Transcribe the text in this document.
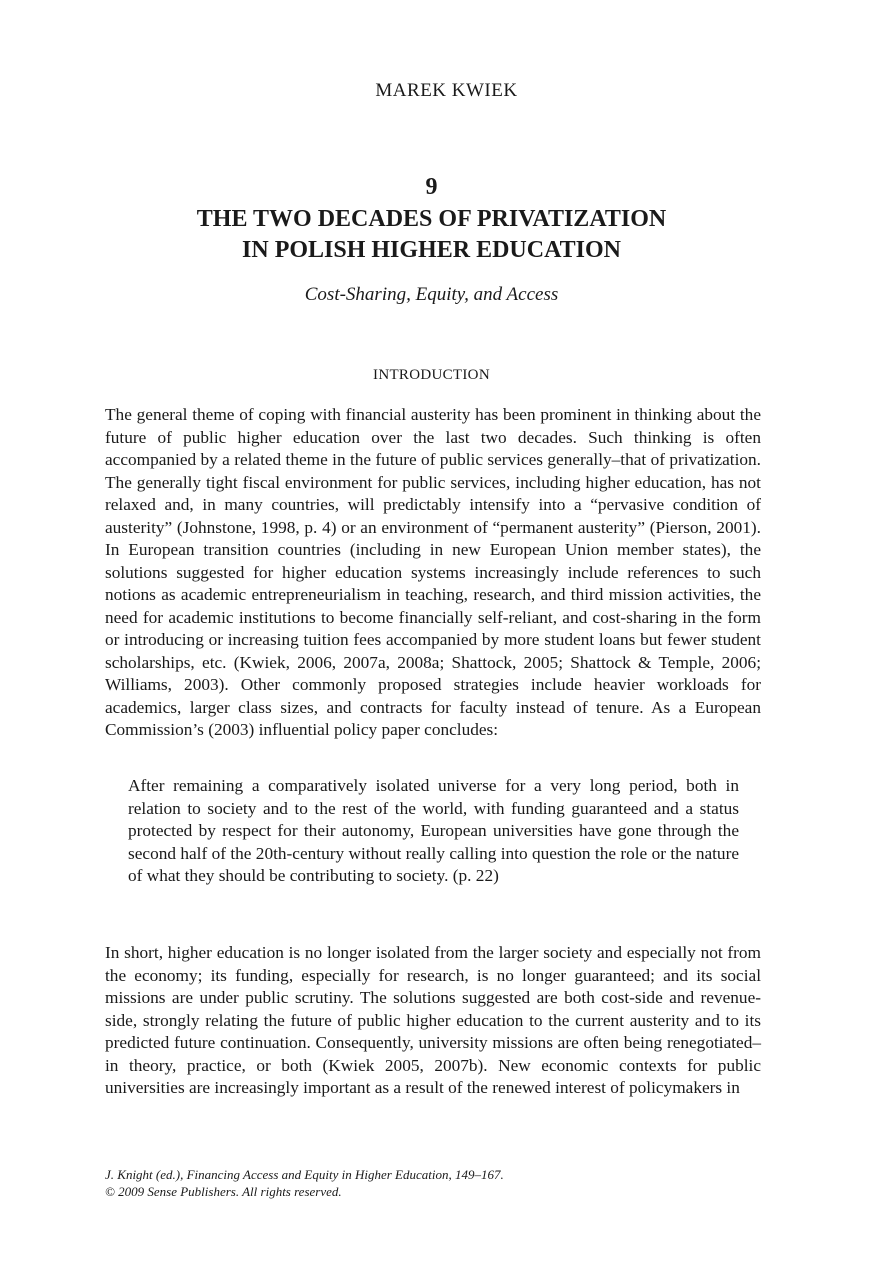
MAREK KWIEK
9
THE TWO DECADES OF PRIVATIZATION
IN POLISH HIGHER EDUCATION
Cost-Sharing, Equity, and Access
INTRODUCTION

The general theme of coping with financial austerity has been prominent in thinking about the future of public higher education over the last two decades. Such thinking is often accompanied by a related theme in the future of public services generally–that of privatization. The generally tight fiscal environment for public services, including higher education, has not relaxed and, in many countries, will predictably intensify into a “pervasive condition of austerity” (Johnstone, 1998, p. 4) or an environment of “permanent austerity” (Pierson, 2001). In European transition countries (including in new European Union member states), the solutions suggested for higher education systems increasingly include references to such notions as academic entrepreneurialism in teaching, research, and third mission activities, the need for academic institutions to become financially self-reliant, and cost-sharing in the form or introducing or increasing tuition fees accompanied by more student loans but fewer student scholarships, etc. (Kwiek, 2006, 2007a, 2008a; Shattock, 2005; Shattock & Temple, 2006; Williams, 2003). Other commonly proposed strategies include heavier workloads for academics, larger class sizes, and contracts for faculty instead of tenure. As a European Commission’s (2003) influential policy paper concludes:

After remaining a comparatively isolated universe for a very long period, both in relation to society and to the rest of the world, with funding guaranteed and a status protected by respect for their autonomy, European universities have gone through the second half of the 20th-century without really calling into question the role or the nature of what they should be contributing to society. (p. 22)

In short, higher education is no longer isolated from the larger society and especially not from the economy; its funding, especially for research, is no longer guaranteed; and its social missions are under public scrutiny. The solutions suggested are both cost-side and revenue-side, strongly relating the future of public higher education to the current austerity and to its predicted future continuation. Consequently, university missions are often being renegotiated–in theory, practice, or both (Kwiek 2005, 2007b). New economic contexts for public universities are increasingly important as a result of the renewed interest of policymakers in

J. Knight (ed.), Financing Access and Equity in Higher Education, 149–167.
© 2009 Sense Publishers. All rights reserved.
